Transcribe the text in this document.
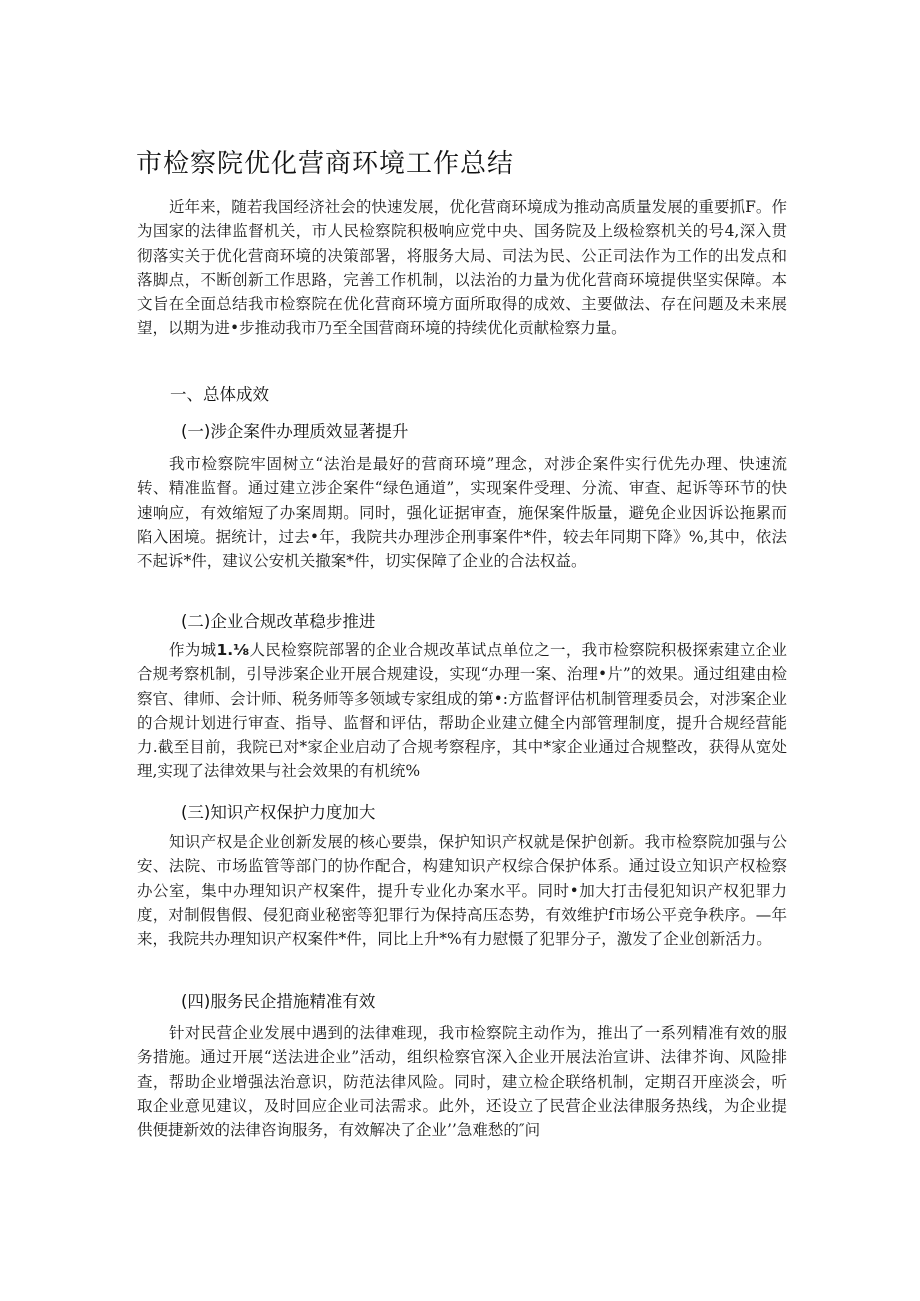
市检察院优化营商环境工作总结

近年来，随若我国经济社会的快速发展，优化营商环境成为推动高质量发展的重要抓F。作为国家的法律监督机关，市人民检察院积极响应党中央、国务院及上级检察机关的号4,深入贯彻落实关于优化营商环境的决策部署，将服务大局、司法为民、公正司法作为工作的出发点和落脚点，不断创新工作思路，完善工作机制，以法治的力量为优化营商环境提供坚实保障。本文旨在全面总结我市检察院在优化营商环境方面所取得的成效、主要做法、存在问题及未来展望，以期为进•步推动我市乃至全国营商环境的持续优化贡献检察力量。

一、总体成效
(一)涉企案件办理质效显著提升

我市检察院牢固树立“法治是最好的营商环境”理念，对涉企案件实行优先办理、快速流转、精准监督。通过建立涉企案件“绿色通道”，实现案件受理、分流、审查、起诉等环节的快速响应，有效缩短了办案周期。同时，强化证据审查，施保案件版量，避免企业因诉讼拖累而陷入困境。据统计，过去•年，我院共办理涉企刑事案件*件，较去年同期下降》%,其中，依法不起诉*件，建议公安机关撤案*件，切实保障了企业的合法权益。

(二)企业合规改革稳步推进

作为城1.⅛人民检察院部署的企业合规改革试点单位之一，我市检察院积极探索建立企业合规考察机制，引导涉案企业开展合规建设，实现“办理一案、治理•片”的效果。通过组建由检察官、律师、会计师、税务师等多领域专家组成的第•:方监督评估机制管理委员会，对涉案企业的合规计划进行审查、指导、监督和评估，帮助企业建立健全内部管理制度，提升合规经营能力.截至目前，我院已对*家企业启动了合规考察程序，其中*家企业通过合规整改，获得从宽处理,实现了法律效果与社会效果的有机统%

(三)知识产权保护力度加大

知识产权是企业创新发展的核心要祟，保护知识产权就是保护创新。我市检察院加强与公安、法院、市场监管等部门的协作配合，构建知识产权综合保护体系。通过设立知识产权检察办公室，集中办理知识产权案件，提升专业化办案水平。同时•加大打击侵犯知识产权犯罪力度，对制假售假、侵犯商业秘密等犯罪行为保持高压态势，有效维护f市场公平竞争秩序。—年来，我院共办理知识产权案件*件，同比上升*%有力慰慑了犯罪分子，激发了企业创新活力。

(四)服务民企措施精准有效

针对民营企业发展中遇到的法律难现，我市检察院主动作为，推出了一系列精准有效的服务措施。通过开展“送法进企业”活动，组织检察官深入企业开展法治宣讲、法律芥询、风险排查，帮助企业增强法治意识，防范法律风险。同时，建立检企联络机制，定期召开座淡会，听取企业意见建议，及时回应企业司法需求。此外，还设立了民营企业法律服务热线，为企业提供便捷新效的法律咨询服务，有效解决了企业’’急难愁的″问
